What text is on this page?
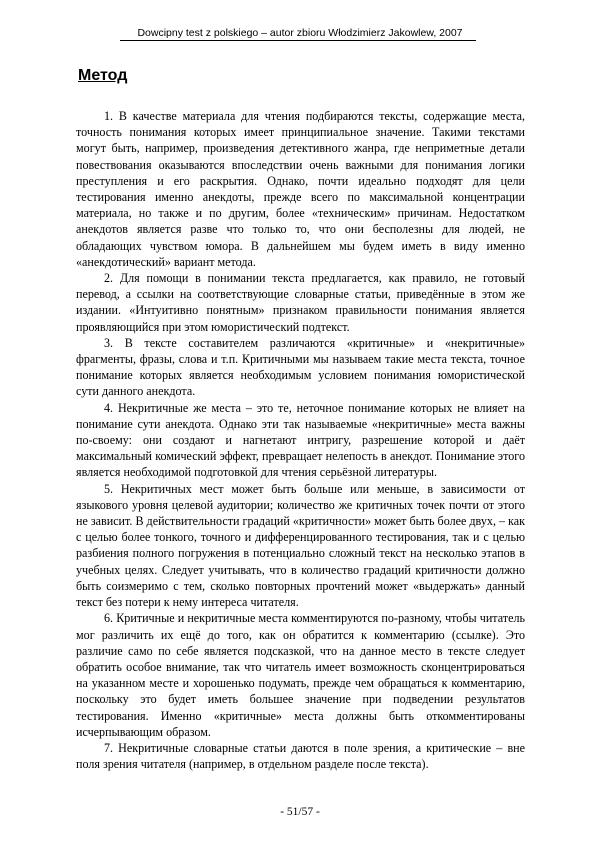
Dowcipny test z polskiego – autor zbioru Włodzimierz Jakowlew, 2007
Метод

1. В качестве материала для чтения подбираются тексты, содержащие места, точность понимания которых имеет принципиальное значение. Такими текстами могут быть, например, произведения детективного жанра, где неприметные детали повествования оказываются впоследствии очень важными для понимания логики преступления и его раскрытия. Однако, почти идеально подходят для цели тестирования именно анекдоты, прежде всего по максимальной концентрации материала, но также и по другим, более «техническим» причинам. Недостатком анекдотов является разве что только то, что они бесполезны для людей, не обладающих чувством юмора. В дальнейшем мы будем иметь в виду именно «анекдотический» вариант метода.

2. Для помощи в понимании текста предлагается, как правило, не готовый перевод, а ссылки на соответствующие словарные статьи, приведённые в этом же издании. «Интуитивно понятным» признаком правильности понимания является проявляющийся при этом юмористический подтекст.

3. В тексте составителем различаются «критичные» и «некритичные» фрагменты, фразы, слова и т.п. Критичными мы называем такие места текста, точное понимание которых является необходимым условием понимания юмористической сути данного анекдота.

4. Некритичные же места – это те, неточное понимание которых не влияет на понимание сути анекдота. Однако эти так называемые «некритичные» места важны по-своему: они создают и нагнетают интригу, разрешение которой и даёт максимальный комический эффект, превращает нелепость в анекдот. Понимание этого является необходимой подготовкой для чтения серьёзной литературы.

5. Некритичных мест может быть больше или меньше, в зависимости от языкового уровня целевой аудитории; количество же критичных точек почти от этого не зависит. В действительности градаций «критичности» может быть более двух, – как с целью более тонкого, точного и дифференцированного тестирования, так и с целью разбиения полного погружения в потенциально сложный текст на несколько этапов в учебных целях. Следует учитывать, что в количество градаций критичности должно быть соизмеримо с тем, сколько повторных прочтений может «выдержать» данный текст без потери к нему интереса читателя.

6. Критичные и некритичные места комментируются по-разному, чтобы читатель мог различить их ещё до того, как он обратится к комментарию (ссылке). Это различие само по себе является подсказкой, что на данное место в тексте следует обратить особое внимание, так что читатель имеет возможность сконцентрироваться на указанном месте и хорошенько подумать, прежде чем обращаться к комментарию, поскольку это будет иметь большее значение при подведении результатов тестирования. Именно «критичные» места должны быть откомментированы исчерпывающим образом.

7. Некритичные словарные статьи даются в поле зрения, а критические – вне поля зрения читателя (например, в отдельном разделе после текста).

- 51/57 -
